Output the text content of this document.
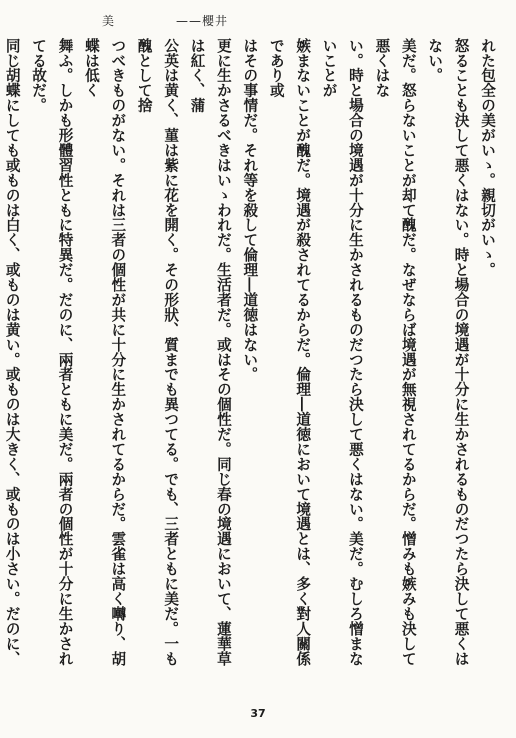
美	——櫻井

れた包全の美がいゝ。親切がいゝ。

怒ることも決して悪くはない。時と場合の境遇が十分に生かされるものだつたら決して悪くはない。

美だ。怒らないことが却て醜だ。なぜならば境遇が無視されてるからだ。憎みも嫉みも決して悪くはな

い。時と場合の境遇が十分に生かされるものだつたら決して悪くはない。美だ。むしろ憎まないことが

嫉まないことが醜だ。境遇が殺されてるからだ。倫理―道徳において境遇とは、多く對人關係であり或

はその事情だ。それ等を殺して倫理―道徳はない。

更に生かさるべきはいゝわれだ。生活者だ。或はその個性だ。同じ春の境遇において、蓮華草は紅く、蒲

公英は黄く、菫は紫に花を開く。その形狀、質までも異つてる。でも、三者ともに美だ。一も醜として捨

つべきものがない。それは三者の個性が共に十分に生かされてるからだ。雲雀は高く囀り、胡蝶は低く

舞ふ。しかも形體習性ともに特異だ。だのに、兩者ともに美だ。兩者の個性が十分に生かされてる故だ。

同じ胡蝶にしても或ものは白く、或ものは黄い。或ものは大きく、或ものは小さい。だのに、

37
